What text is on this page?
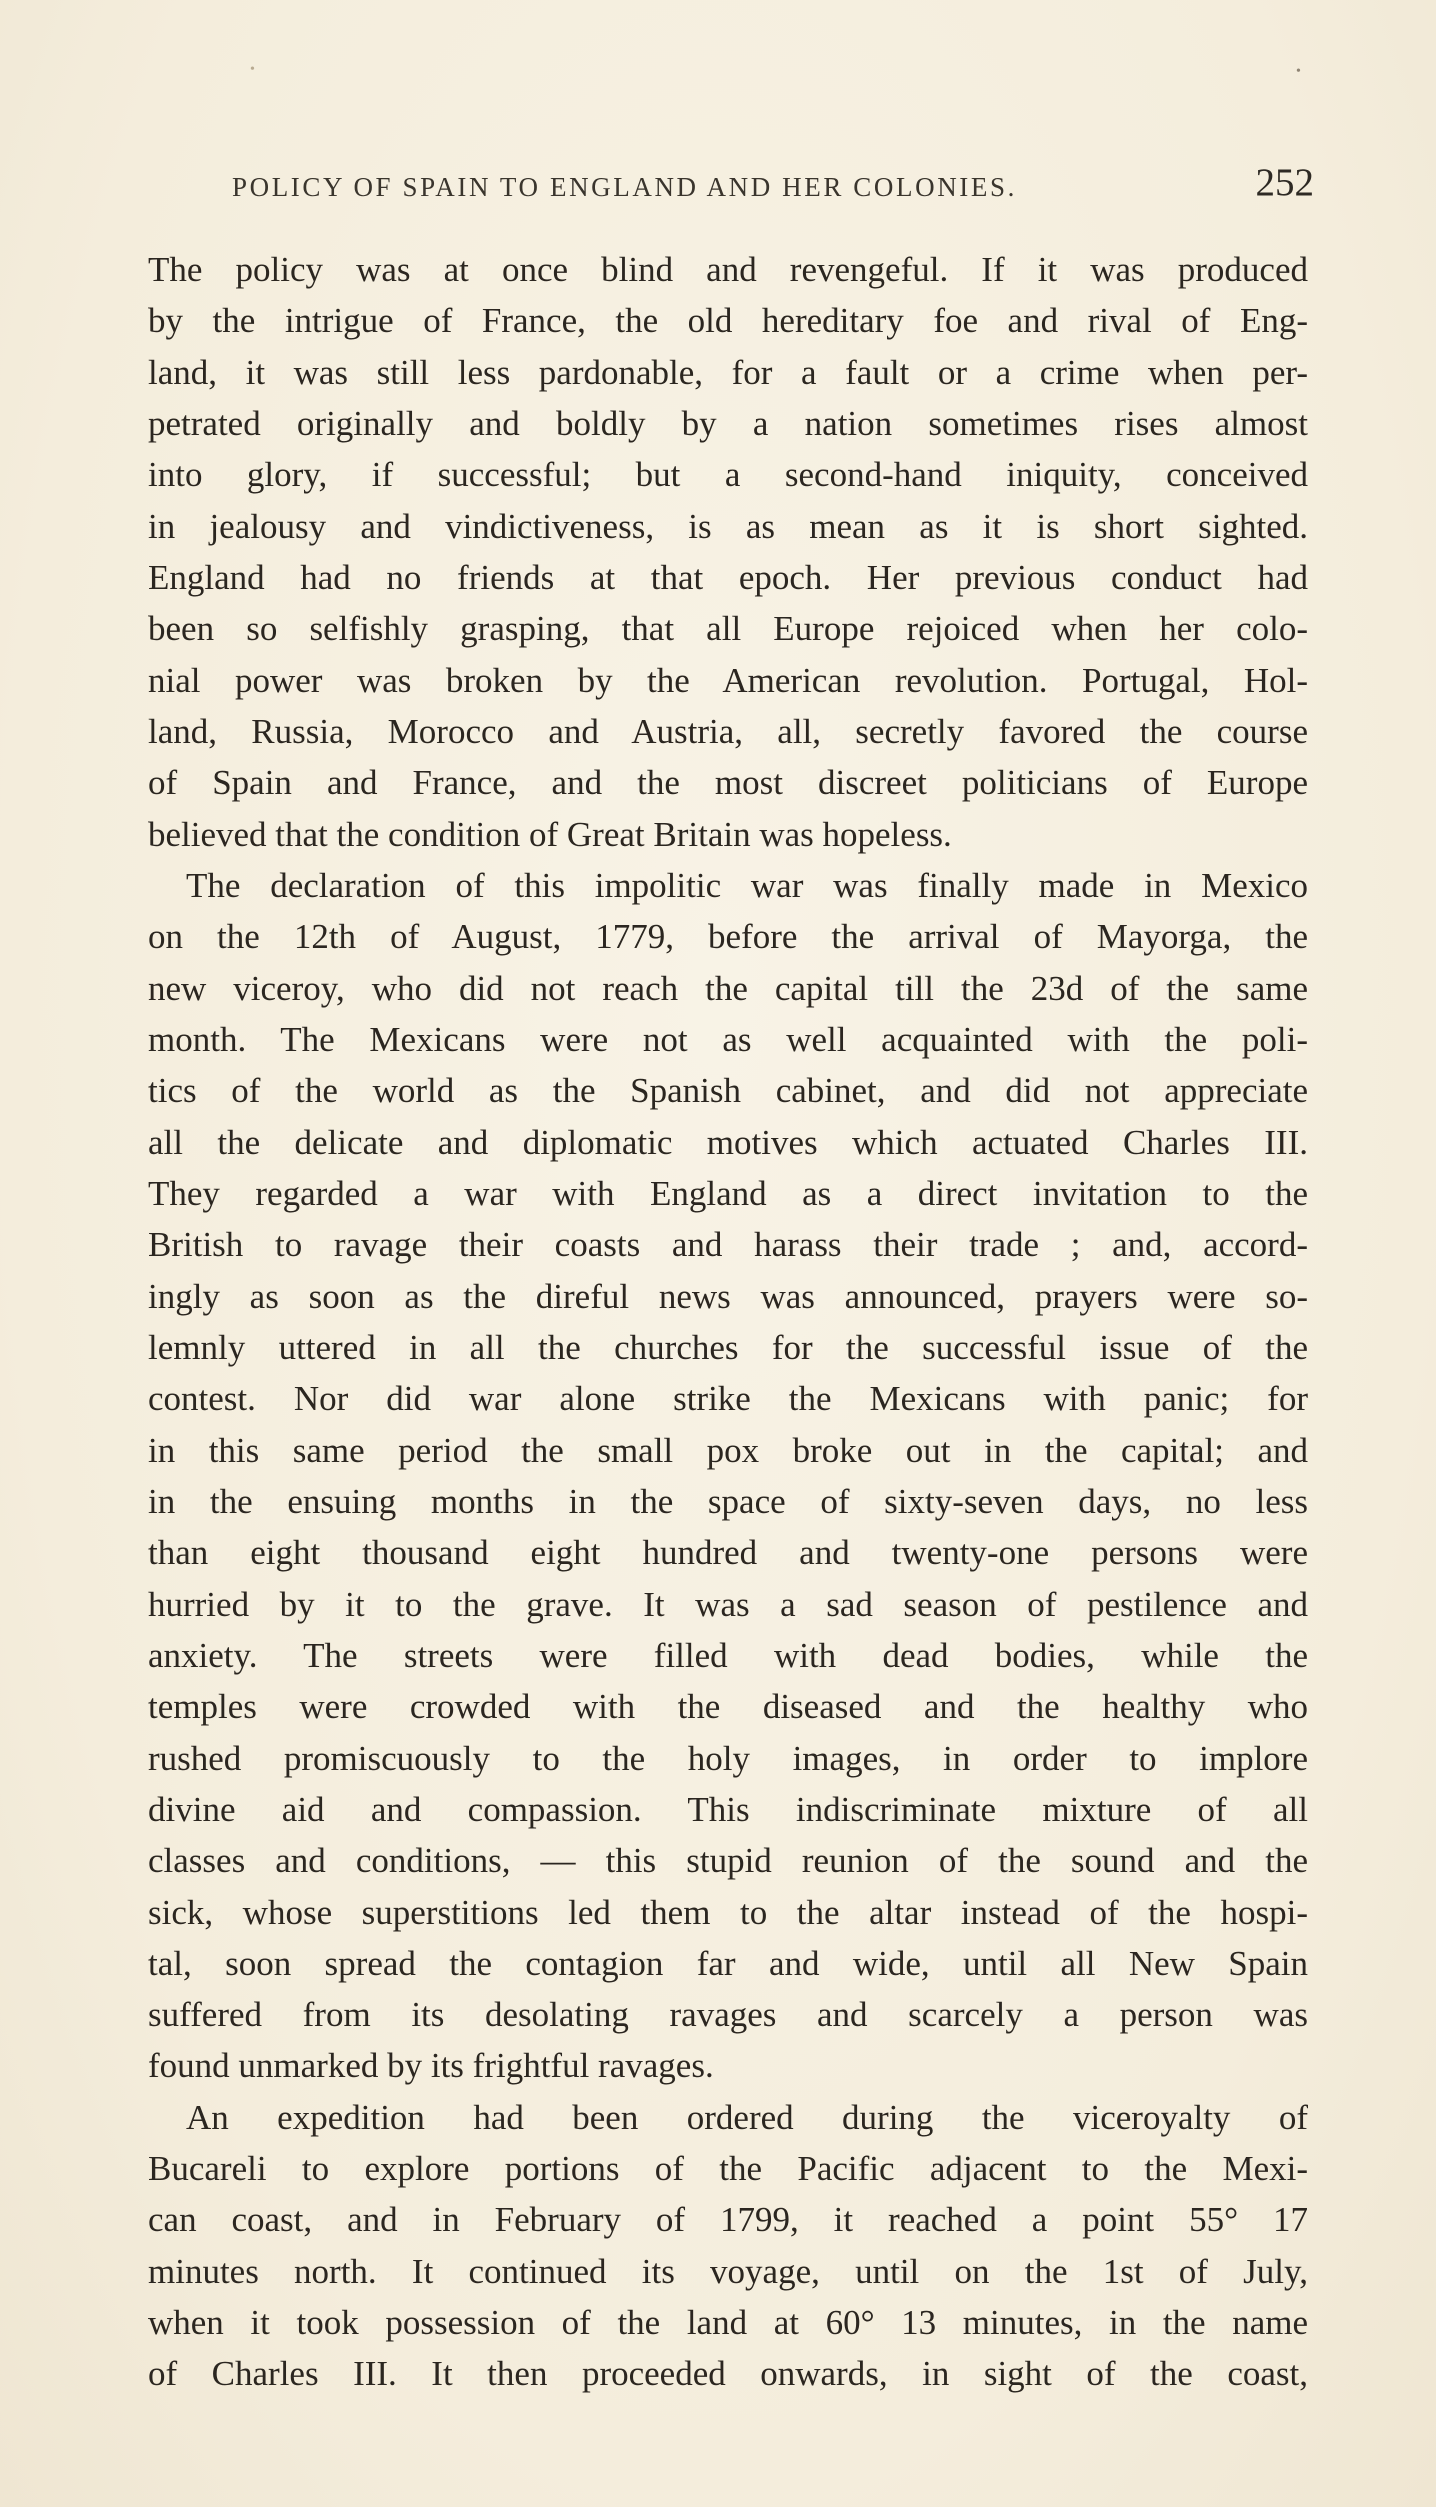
•	•
POLICY OF SPAIN TO ENGLAND AND HER COLONIES.	252
The policy was at once blind and revengeful. If it was produced
by the intrigue of France, the old hereditary foe and rival of Eng-
land, it was still less pardonable, for a fault or a crime when per-
petrated originally and boldly by a nation sometimes rises almost
into glory, if successful; but a second-hand iniquity, conceived
in jealousy and vindictiveness, is as mean as it is short sighted.
England had no friends at that epoch. Her previous conduct had
been so selfishly grasping, that all Europe rejoiced when her colo-
nial power was broken by the American revolution. Portugal, Hol-
land, Russia, Morocco and Austria, all, secretly favored the course
of Spain and France, and the most discreet politicians of Europe
believed that the condition of Great Britain was hopeless.
The declaration of this impolitic war was finally made in Mexico
on the 12th of August, 1779, before the arrival of Mayorga, the
new viceroy, who did not reach the capital till the 23d of the same
month. The Mexicans were not as well acquainted with the poli-
tics of the world as the Spanish cabinet, and did not appreciate
all the delicate and diplomatic motives which actuated Charles III.
They regarded a war with England as a direct invitation to the
British to ravage their coasts and harass their trade ; and, accord-
ingly as soon as the direful news was announced, prayers were so-
lemnly uttered in all the churches for the successful issue of the
contest. Nor did war alone strike the Mexicans with panic; for
in this same period the small pox broke out in the capital; and
in the ensuing months in the space of sixty-seven days, no less
than eight thousand eight hundred and twenty-one persons were
hurried by it to the grave. It was a sad season of pestilence and
anxiety. The streets were filled with dead bodies, while the
temples were crowded with the diseased and the healthy who
rushed promiscuously to the holy images, in order to implore
divine aid and compassion. This indiscriminate mixture of all
classes and conditions, — this stupid reunion of the sound and the
sick, whose superstitions led them to the altar instead of the hospi-
tal, soon spread the contagion far and wide, until all New Spain
suffered from its desolating ravages and scarcely a person was
found unmarked by its frightful ravages.
An expedition had been ordered during the viceroyalty of
Bucareli to explore portions of the Pacific adjacent to the Mexi-
can coast, and in February of 1799, it reached a point 55° 17
minutes north. It continued its voyage, until on the 1st of July,
when it took possession of the land at 60° 13 minutes, in the name
of Charles III. It then proceeded onwards, in sight of the coast,
